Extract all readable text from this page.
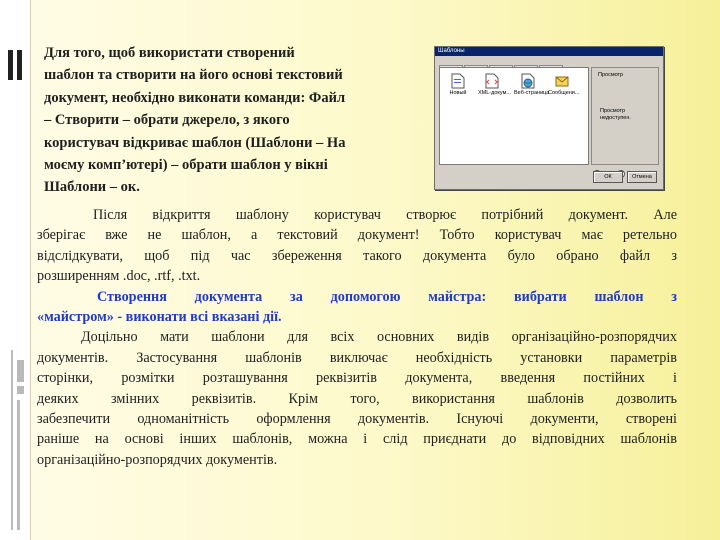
Для того, щоб використати створений
шаблон та створити на його основі текстовий
документ, необхідно виконати команди: Файл
– Створити – обрати джерело, з якого
користувач відкриває шаблон (Шаблони – На
моєму комп’ютері) – обрати шаблон у вікні
Шаблони – ок.
Шаблоны
Новый	XML-докум... Веб-страница
Сообщени...
Просмотр
Просмотр недоступен.
ОК	Отмена
Після відкриття шаблону користувач створює потрібний документ. Але
зберігає вже не шаблон, а текстовий документ! Тобто користувач має ретельно
відслідкувати, щоб під час збереження такого документа було обрано файл з
розширенням .doc, .rtf, .txt.
Створення документа за допомогою майстра: вибрати шаблон з
«майстром» - виконати всі вказані дії.
Доцільно мати шаблони для всіх основних видів організаційно-розпорядчих
документів. Застосування шаблонів виключає необхідність установки параметрів
сторінки, розмітки розташування реквізитів документа, введення постійних і
деяких змінних реквізитів. Крім того, використання шаблонів дозволить
забезпечити одноманітність оформлення документів. Існуючі документи, створені
раніше на основі інших шаблонів, можна і слід приєднати до відповідних шаблонів
організаційно-розпорядчих документів.
